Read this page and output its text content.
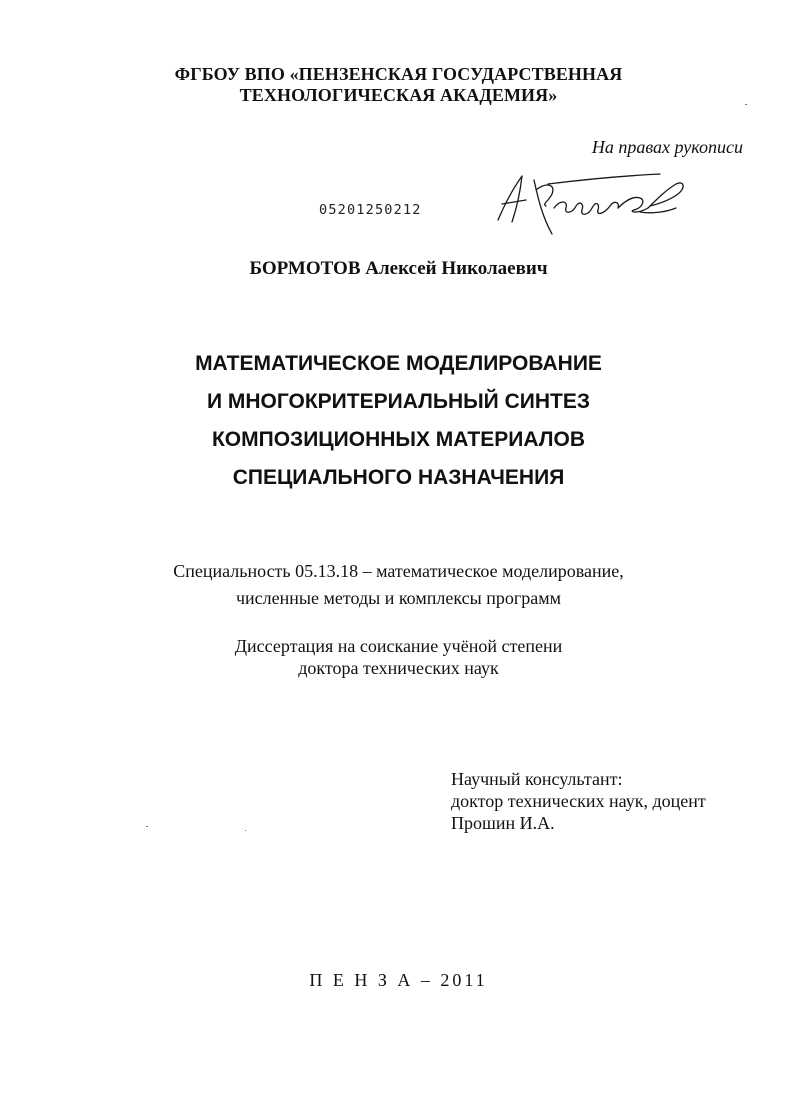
ФГБОУ ВПО «ПЕНЗЕНСКАЯ ГОСУДАРСТВЕННАЯ
ТЕХНОЛОГИЧЕСКАЯ АКАДЕМИЯ»
На правах рукописи
05201250212
БОРМОТОВ Алексей Николаевич
МАТЕМАТИЧЕСКОЕ МОДЕЛИРОВАНИЕ
И МНОГОКРИТЕРИАЛЬНЫЙ СИНТЕЗ
КОМПОЗИЦИОННЫХ МАТЕРИАЛОВ
СПЕЦИАЛЬНОГО НАЗНАЧЕНИЯ
Специальность 05.13.18 – математическое моделирование,
численные методы и комплексы программ
Диссертация на соискание учёной степени
доктора технических наук
Научный консультант:
доктор технических наук, доцент
Прошин И.А.
П Е Н З А – 2011
